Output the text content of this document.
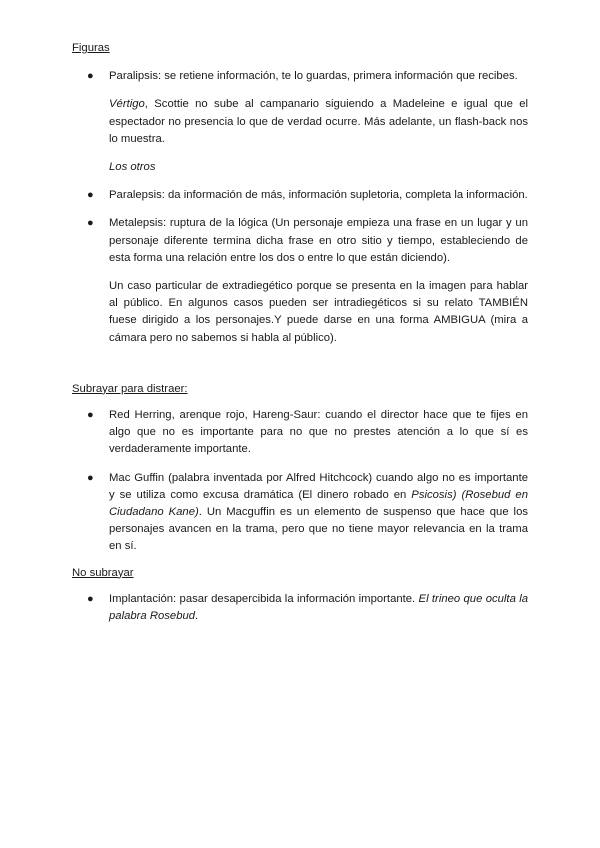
Figuras

● Paralipsis: se retiene información, te lo guardas, primera información que recibes.

Vértigo, Scottie no sube al campanario siguiendo a Madeleine e igual que el espectador no presencia lo que de verdad ocurre. Más adelante, un flash-back nos lo muestra.

Los otros

● Paralepsis: da información de más, información supletoria, completa la información.
● Metalepsis: ruptura de la lógica (Un personaje empieza una frase en un lugar y un personaje diferente termina dicha frase en otro sitio y tiempo, estableciendo de esta forma una relación entre los dos o entre lo que están diciendo).

Un caso particular de extradiegético porque se presenta en la imagen para hablar al público. En algunos casos pueden ser intradiegéticos si su relato TAMBIÉN fuese dirigido a los personajes.Y puede darse en una forma AMBIGUA (mira a cámara pero no sabemos si habla al público).

Subrayar para distraer:

● Red Herring, arenque rojo, Hareng-Saur: cuando el director hace que te fijes en algo que no es importante para no que no prestes atención a lo que sí es verdaderamente importante.
● Mac Guffin (palabra inventada por Alfred Hitchcock) cuando algo no es importante y se utiliza como excusa dramática (El dinero robado en Psicosis) (Rosebud en Ciudadano Kane). Un Macguffin es un elemento de suspenso que hace que los personajes avancen en la trama, pero que no tiene mayor relevancia en la trama en sí.

No subrayar

● Implantación: pasar desapercibida la información importante. El trineo que oculta la palabra Rosebud.
